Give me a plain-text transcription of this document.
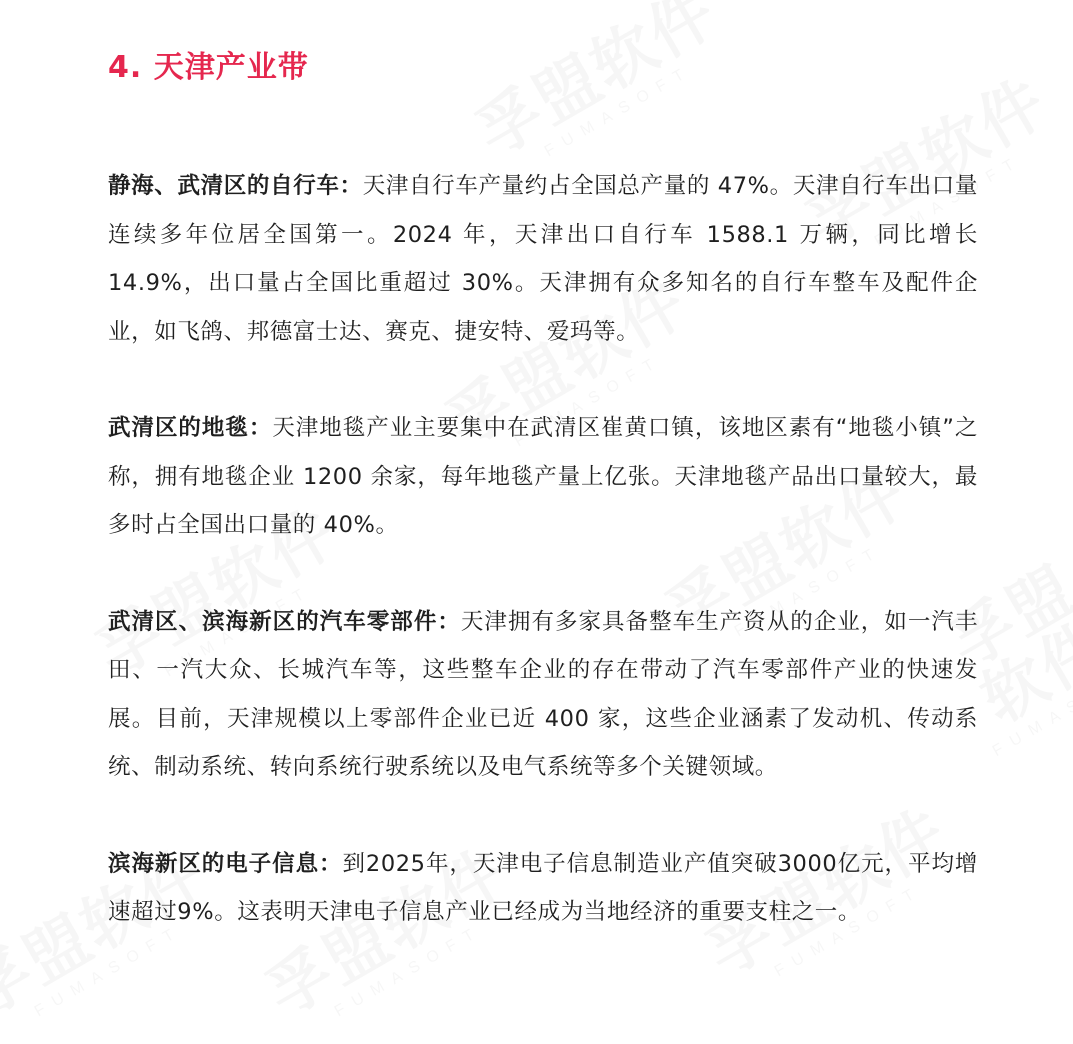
4. 天津产业带

静海、武清区的自行车：天津自行车产量约占全国总产量的 47%。天津自行车出口量连续多年位居全国第一。2024 年，天津出口自行车 1588.1 万辆，同比增长 14.9%，出口量占全国比重超过 30%。天津拥有众多知名的自行车整车及配件企业，如飞鸽、邦德富士达、赛克、捷安特、爱玛等。

武清区的地毯：天津地毯产业主要集中在武清区崔黄口镇，该地区素有“地毯小镇”之称，拥有地毯企业 1200 余家，每年地毯产量上亿张。天津地毯产品出口量较大，最多时占全国出口量的 40%。

武清区、滨海新区的汽车零部件：天津拥有多家具备整车生产资从的企业，如一汽丰田、一汽大众、长城汽车等，这些整车企业的存在带动了汽车零部件产业的快速发展。目前，天津规模以上零部件企业已近 400 家，这些企业涵素了发动机、传动系统、制动系统、转向系统行驶系统以及电气系统等多个关键领域。

滨海新区的电子信息：到2025年，天津电子信息制造业产值突破3000亿元，平均增速超过9%。这表明天津电子信息产业已经成为当地经济的重要支柱之一。
